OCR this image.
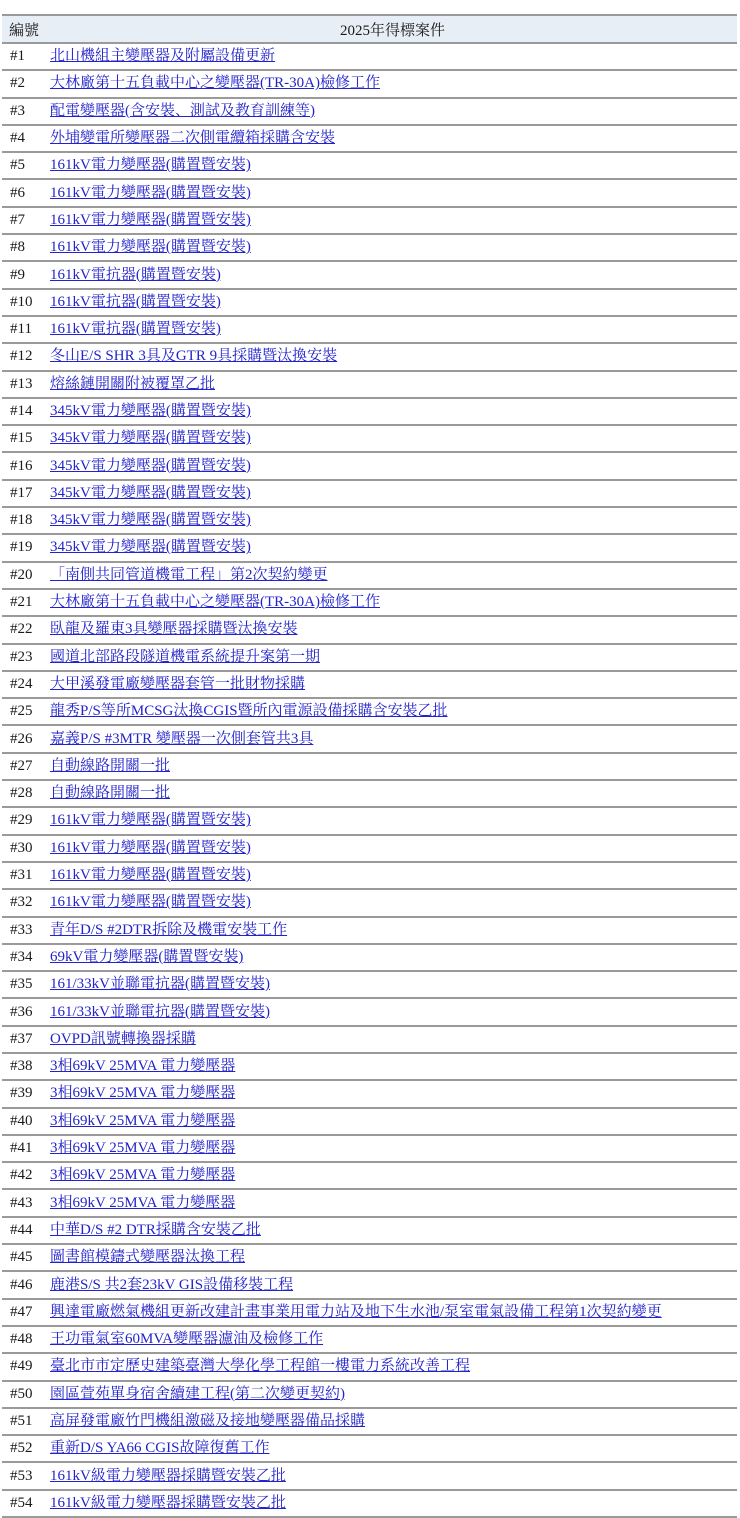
編號	2025年得標案件
#1	北山機組主變壓器及附屬設備更新
#2	大林廠第十五負載中心之變壓器(TR-30A)檢修工作
#3	配電變壓器(含安裝、測試及教育訓練等)
#4	外埔變電所變壓器二次側電纜箱採購含安裝
#5	161kV電力變壓器(購置暨安裝)
#6	161kV電力變壓器(購置暨安裝)
#7	161kV電力變壓器(購置暨安裝)
#8	161kV電力變壓器(購置暨安裝)
#9	161kV電抗器(購置暨安裝)
#10	161kV電抗器(購置暨安裝)
#11	161kV電抗器(購置暨安裝)
#12	冬山E/S SHR 3具及GTR 9具採購暨汰換安裝
#13	熔絲鏈開關附被覆罩乙批
#14	345kV電力變壓器(購置暨安裝)
#15	345kV電力變壓器(購置暨安裝)
#16	345kV電力變壓器(購置暨安裝)
#17	345kV電力變壓器(購置暨安裝)
#18	345kV電力變壓器(購置暨安裝)
#19	345kV電力變壓器(購置暨安裝)
#20	「南側共同管道機電工程」第2次契約變更
#21	大林廠第十五負載中心之變壓器(TR-30A)檢修工作
#22	臥龍及羅東3具變壓器採購暨汰換安裝
#23	國道北部路段隧道機電系統提升案第一期
#24	大甲溪發電廠變壓器套管一批財物採購
#25	龍秀P/S等所MCSG汰換CGIS暨所內電源設備採購含安裝乙批
#26	嘉義P/S #3MTR 變壓器一次側套管共3具
#27	自動線路開關一批
#28	自動線路開關一批
#29	161kV電力變壓器(購置暨安裝)
#30	161kV電力變壓器(購置暨安裝)
#31	161kV電力變壓器(購置暨安裝)
#32	161kV電力變壓器(購置暨安裝)
#33	青年D/S #2DTR拆除及機電安裝工作
#34	69kV電力變壓器(購置暨安裝)
#35	161/33kV並聯電抗器(購置暨安裝)
#36	161/33kV並聯電抗器(購置暨安裝)
#37	OVPD訊號轉換器採購
#38	3相69kV 25MVA 電力變壓器
#39	3相69kV 25MVA 電力變壓器
#40	3相69kV 25MVA 電力變壓器
#41	3相69kV 25MVA 電力變壓器
#42	3相69kV 25MVA 電力變壓器
#43	3相69kV 25MVA 電力變壓器
#44	中華D/S #2 DTR採購含安裝乙批
#45	圖書館模鑄式變壓器汰換工程
#46	鹿港S/S 共2套23kV GIS設備移裝工程
#47	興達電廠燃氣機組更新改建計畫事業用電力站及地下生水池/泵室電氣設備工程第1次契約變更
#48	王功電氣室60MVA變壓器濾油及檢修工作
#49	臺北市市定歷史建築臺灣大學化學工程館一樓電力系統改善工程
#50	園區萱苑單身宿舍續建工程(第二次變更契約)
#51	高屏發電廠竹門機組激磁及接地變壓器備品採購
#52	重新D/S YA66 CGIS故障復舊工作
#53	161kV級電力變壓器採購暨安裝乙批
#54	161kV級電力變壓器採購暨安裝乙批
